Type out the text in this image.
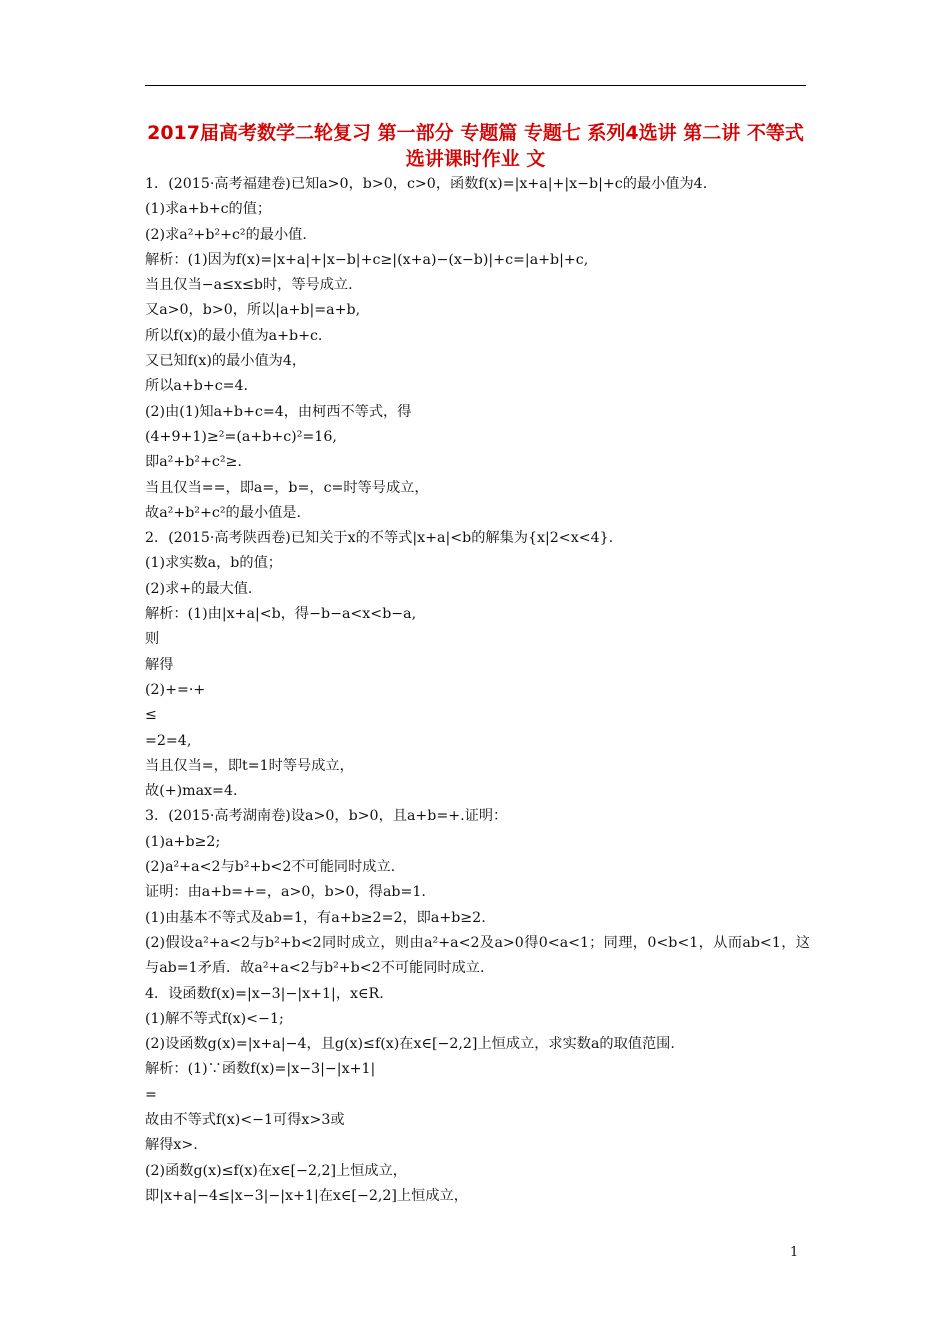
2017届高考数学二轮复习 第一部分 专题篇 专题七 系列4选讲 第二讲 不等式选讲课时作业 文
1．(2015·高考福建卷)已知a>0，b>0，c>0，函数f(x)=|x+a|+|x−b|+c的最小值为4.
(1)求a+b+c的值；
(2)求a²+b²+c²的最小值.
解析：(1)因为f(x)=|x+a|+|x−b|+c≥|(x+a)−(x−b)|+c=|a+b|+c,
当且仅当−a≤x≤b时，等号成立.
又a>0，b>0，所以|a+b|=a+b,
所以f(x)的最小值为a+b+c.
又已知f(x)的最小值为4，
所以a+b+c=4.
(2)由(1)知a+b+c=4，由柯西不等式，得
(4+9+1)≥²=(a+b+c)²=16,
即a²+b²+c²≥.
当且仅当==，即a=，b=，c=时等号成立，
故a²+b²+c²的最小值是.
2．(2015·高考陕西卷)已知关于x的不等式|x+a|<b的解集为{x|2<x<4}.
(1)求实数a，b的值；
(2)求+的最大值.
解析：(1)由|x+a|<b，得−b−a<x<b−a,
则
解得
(2)+=·+
≤
=2=4,
当且仅当=，即t=1时等号成立，
故(+)max=4.
3．(2015·高考湖南卷)设a>0，b>0，且a+b=+.证明：
(1)a+b≥2;
(2)a²+a<2与b²+b<2不可能同时成立.
证明：由a+b=+=，a>0，b>0，得ab=1.
(1)由基本不等式及ab=1，有a+b≥2=2，即a+b≥2.
(2)假设a²+a<2与b²+b<2同时成立，则由a²+a<2及a>0得0<a<1；同理，0<b<1，从而ab<1，这与ab=1矛盾．故a²+a<2与b²+b<2不可能同时成立.
4．设函数f(x)=|x−3|−|x+1|，x∈R.
(1)解不等式f(x)<−1;
(2)设函数g(x)=|x+a|−4，且g(x)≤f(x)在x∈[−2,2]上恒成立，求实数a的取值范围.
解析：(1)∵函数f(x)=|x−3|−|x+1|
=
故由不等式f(x)<−1可得x>3或
解得x>.
(2)函数g(x)≤f(x)在x∈[−2,2]上恒成立，
即|x+a|−4≤|x−3|−|x+1|在x∈[−2,2]上恒成立，
1
